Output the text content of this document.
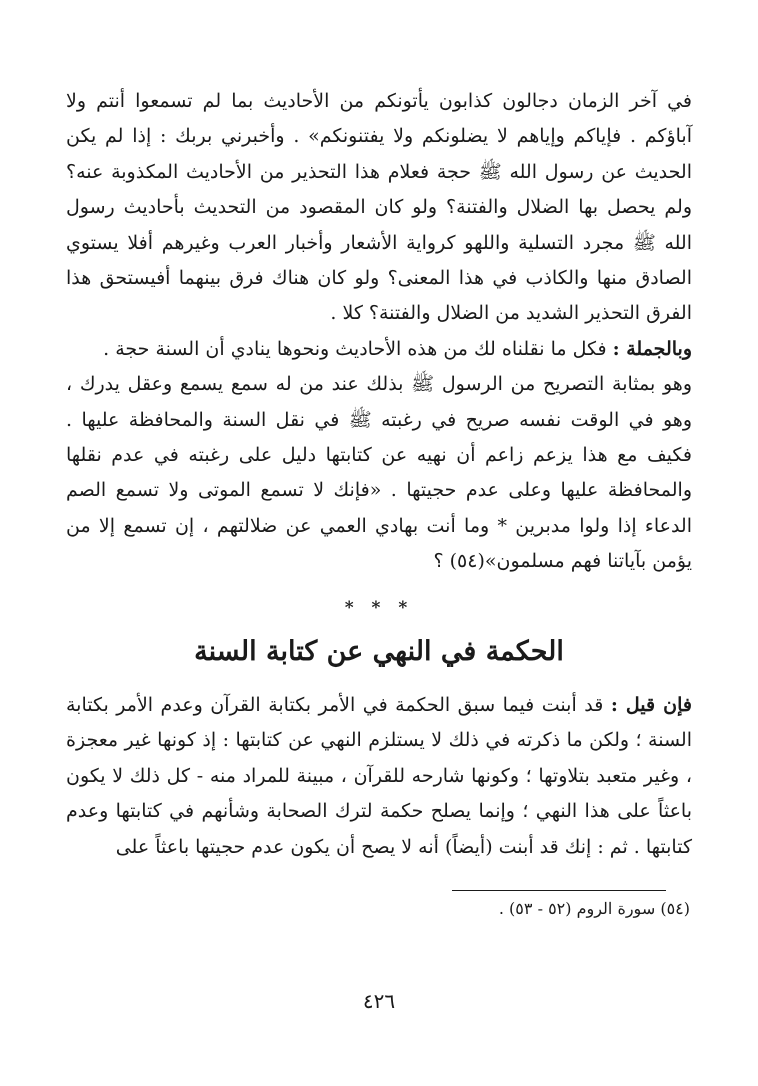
في آخر الزمان دجالون كذابون يأتونكم من الأحاديث بما لم تسمعوا أنتم ولا آباؤكم . فإياكم وإياهم لا يضلونكم ولا يفتنونكم» . وأخبرني بربك : إذا لم يكن الحديث عن رسول الله ﷺ حجة فعلام هذا التحذير من الأحاديث المكذوبة عنه؟ ولم يحصل بها الضلال والفتنة؟ ولو كان المقصود من التحديث بأحاديث رسول الله ﷺ مجرد التسلية واللهو كرواية الأشعار وأخبار العرب وغيرهم أفلا يستوي الصادق منها والكاذب في هذا المعنى؟ ولو كان هناك فرق بينهما أفيستحق هذا الفرق التحذير الشديد من الضلال والفتنة؟ كلا .

وبالجملة : فكل ما نقلناه لك من هذه الأحاديث ونحوها ينادي أن السنة حجة .

وهو بمثابة التصريح من الرسول ﷺ بذلك عند من له سمع يسمع وعقل يدرك ، وهو في الوقت نفسه صريح في رغبته ﷺ في نقل السنة والمحافظة عليها . فكيف مع هذا يزعم زاعم أن نهيه عن كتابتها دليل على رغبته في عدم نقلها والمحافظة عليها وعلى عدم حجيتها . «فإنك لا تسمع الموتى ولا تسمع الصم الدعاء إذا ولوا مدبرين * وما أنت بهادي العمي عن ضلالتهم ، إن تسمع إلا من يؤمن بآياتنا فهم مسلمون»(٥٤) ؟

* * *
الحكمة في النهي عن كتابة السنة

فإن قيل : قد أبنت فيما سبق الحكمة في الأمر بكتابة القرآن وعدم الأمر بكتابة السنة ؛ ولكن ما ذكرته في ذلك لا يستلزم النهي عن كتابتها : إذ كونها غير معجزة ، وغير متعبد بتلاوتها ؛ وكونها شارحه للقرآن ، مبينة للمراد منه - كل ذلك لا يكون باعثاً على هذا النهي ؛ وإنما يصلح حكمة لترك الصحابة وشأنهم في كتابتها وعدم كتابتها . ثم : إنك قد أبنت (أيضاً) أنه لا يصح أن يكون عدم حجيتها باعثاً على

(٥٤) سورة الروم (٥٢ - ٥٣) .
٤٢٦
